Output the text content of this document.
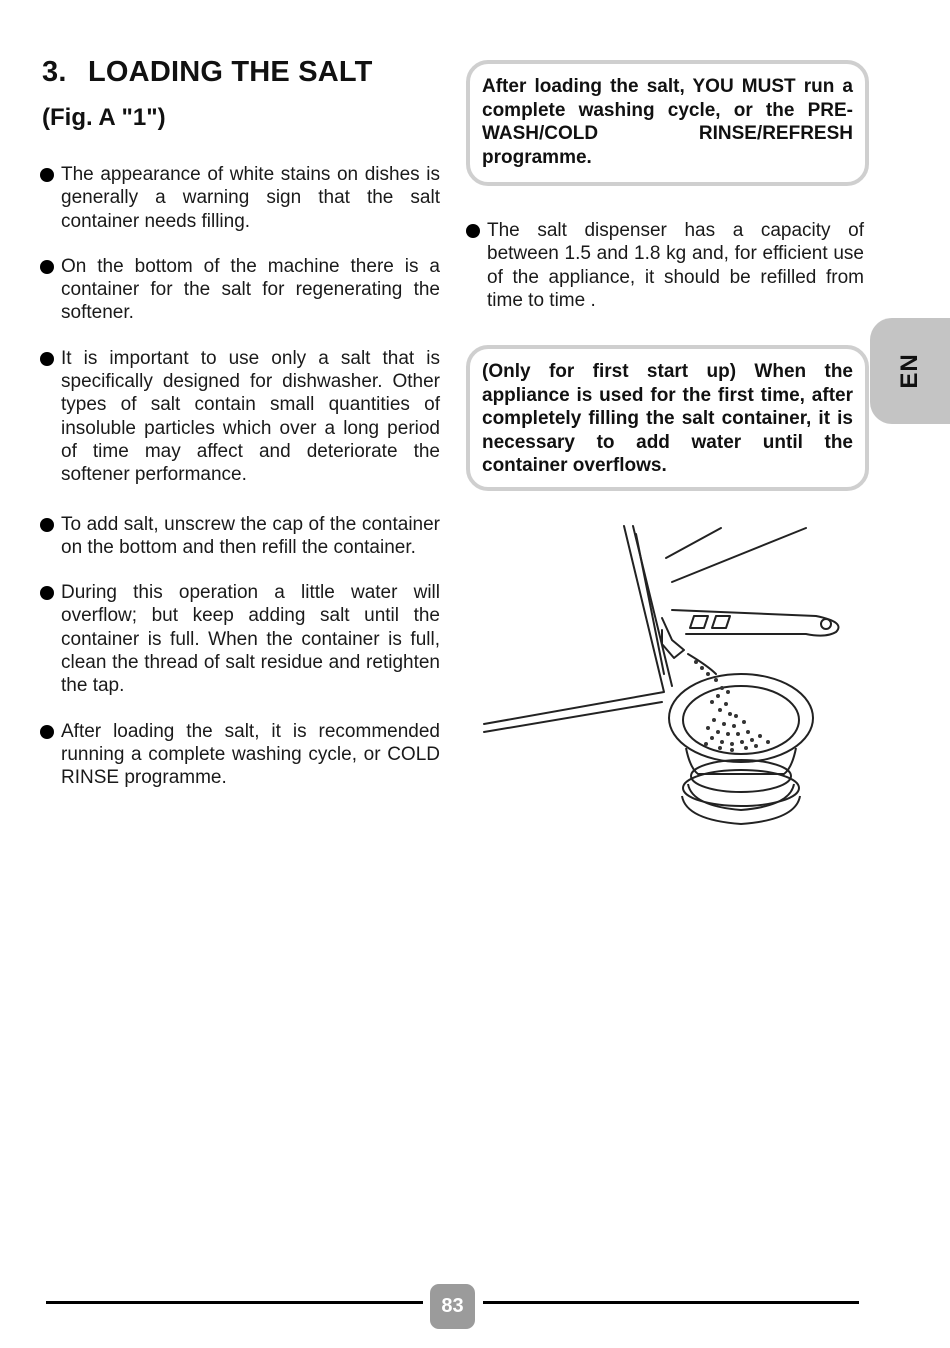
3. LOADING THE SALT
(Fig. A "1")
The appearance of white stains on dishes is generally a warning sign that the salt container needs filling.
On the bottom of the machine there is a container for the salt for regenerating the softener.
It is important to use only a salt that is specifically designed for dishwasher. Other types of salt contain small quantities of insoluble particles which over a long period of time may affect and deteriorate the softener performance.
To add salt, unscrew the cap of the container on the bottom and then refill the container.
During this operation a little water will overflow; but keep adding salt until the container is full. When the container is full, clean the thread of salt residue and retighten the tap.
After loading the salt, it is recommended running a complete washing cycle, or COLD RINSE programme.
After loading the salt, YOU MUST run a complete washing cycle, or the PRE-WASH/COLD RINSE/REFRESH programme.
The salt dispenser has a capacity of between 1.5 and 1.8 kg and, for efficient use of the appliance, it should be refilled from time to time .
(Only for first start up) When the appliance is used for the first time, after completely filling the salt container, it is necessary to add water until the container overflows.
EN
83
